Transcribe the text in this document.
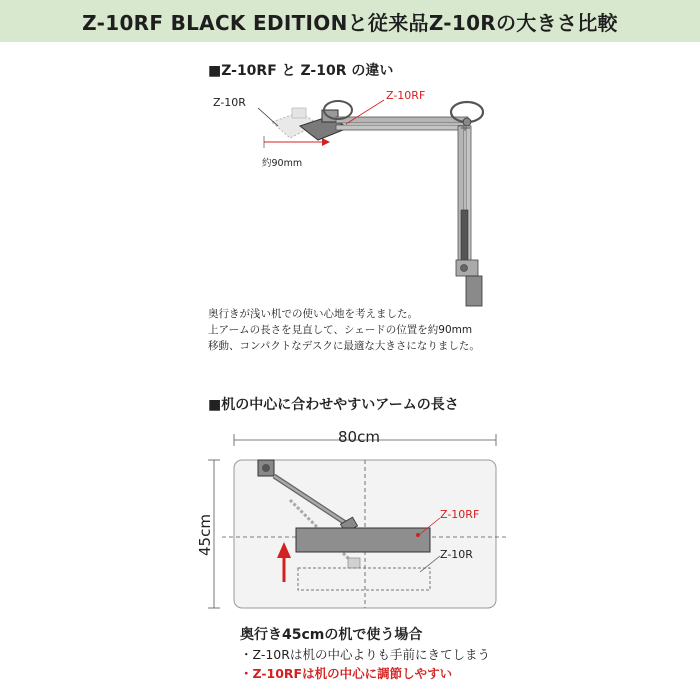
Z-10RF BLACK EDITIONと従来品Z-10Rの大きさ比較
■Z-10RF と Z-10R の違い
Z-10R
約90mm
Z-10RF
80cm
45cm	Z-10RF
Z-10R
奥行きが浅い机での使い心地を考えました。
上アームの長さを見直して、シェードの位置を約90mm
移動、コンパクトなデスクに最適な大きさになりました。
■机の中心に合わせやすいアームの長さ
奥行き45cmの机で使う場合
・Z-10Rは机の中心よりも手前にきてしまう
・Z-10RFは机の中心に調節しやすい
